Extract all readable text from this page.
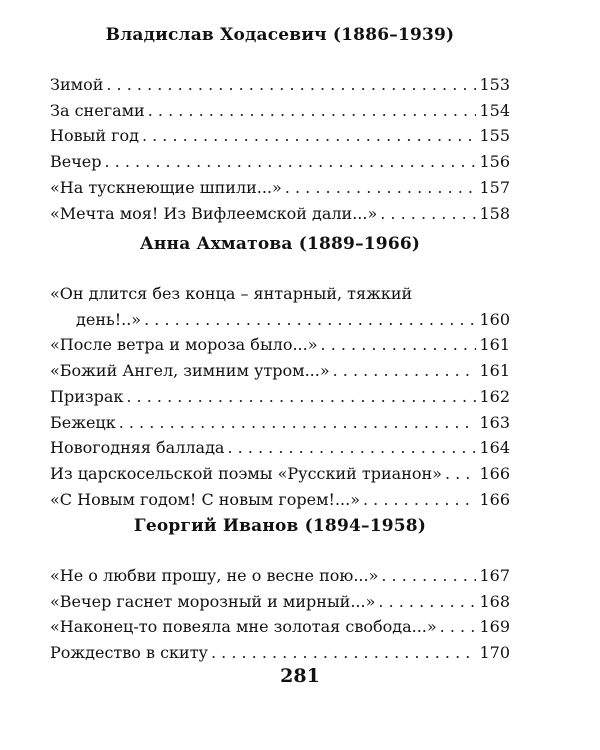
Владислав Ходасевич (1886–1939)
Зимой . . .	153
За снегами . . .	154
Новый год . . .	155
Вечер . . .	156
«На тускнеющие шпили...» . . .	157
«Мечта моя! Из Вифлеемской дали...» . . .	158
Анна Ахматова (1889–1966)
«Он длится без конца – янтарный, тяжкий
день!..» . . .	160
«После ветра и мороза было...» . . .	161
«Божий Ангел, зимним утром...» . . .	161
Призрак . . .	162
Бежецк . . .	163
Новогодняя баллада . . .	164
Из царскосельской поэмы «Русский трианон» . . . 166
«С Новым годом! С новым горем!...» . . .	166
Георгий Иванов (1894–1958)
«Не о любви прошу, не о весне пою...» . . .	167
«Вечер гаснет морозный и мирный...» . . .	168
«Наконец-то повеяла мне золотая свобода...» . . .	169
Рождество в скиту . . .	170
281
